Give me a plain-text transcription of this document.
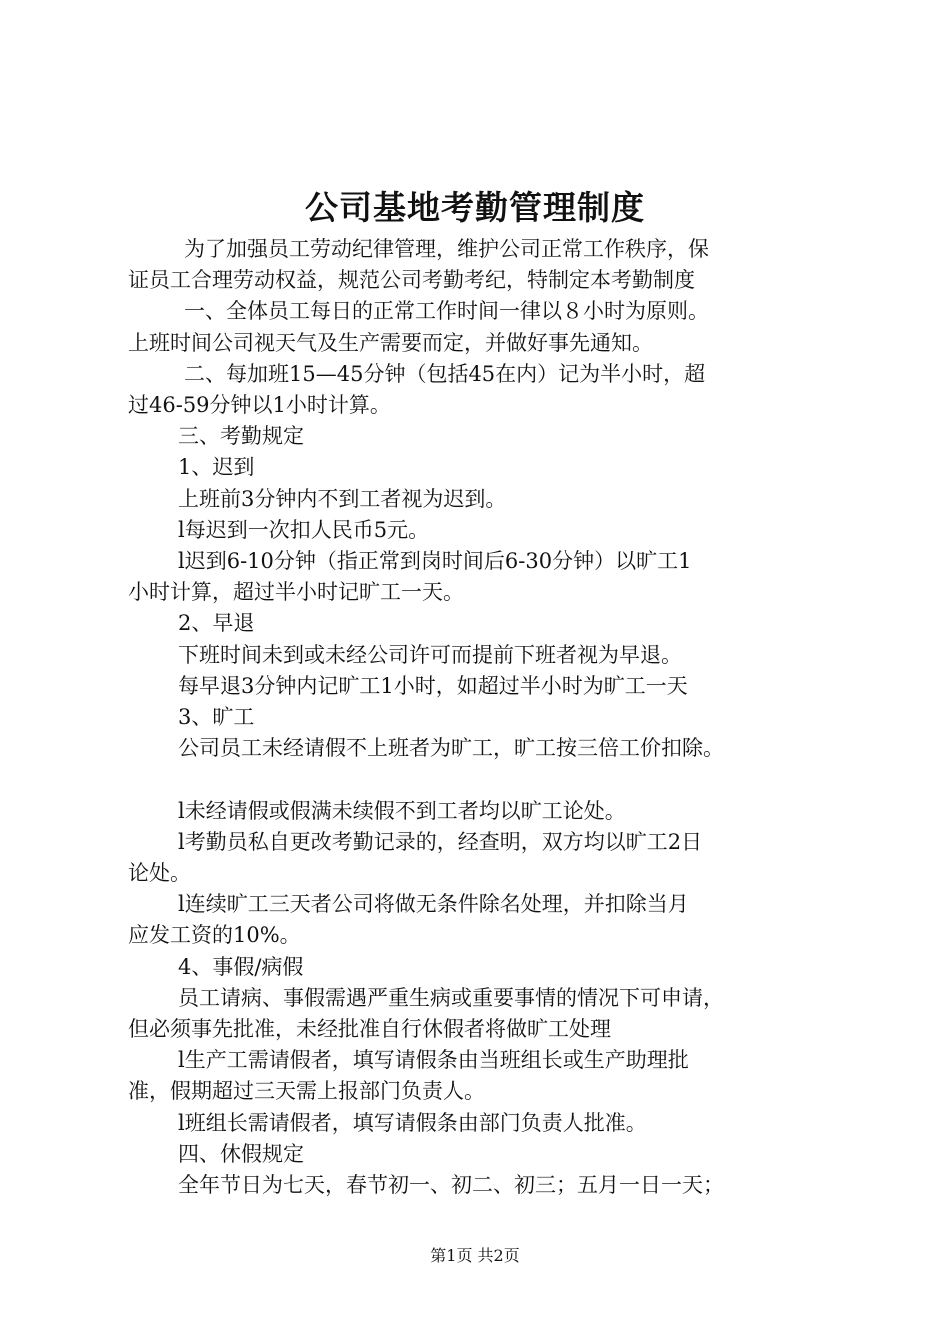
公司基地考勤管理制度

为了加强员工劳动纪律管理，维护公司正常工作秩序，保

证员工合理劳动权益，规范公司考勤考纪，特制定本考勤制度

一、全体员工每日的正常工作时间一律以８小时为原则。

上班时间公司视天气及生产需要而定，并做好事先通知。

二、每加班15—45分钟（包括45在内）记为半小时，超

过46-59分钟以1小时计算。

三、考勤规定

1、迟到

上班前3分钟内不到工者视为迟到。

l每迟到一次扣人民币5元。

l迟到6-10分钟（指正常到岗时间后6-30分钟）以旷工1

小时计算，超过半小时记旷工一天。

2、早退

下班时间未到或未经公司许可而提前下班者视为早退。

每早退3分钟内记旷工1小时，如超过半小时为旷工一天

3、旷工

公司员工未经请假不上班者为旷工，旷工按三倍工价扣除。

l未经请假或假满未续假不到工者均以旷工论处。

l考勤员私自更改考勤记录的，经查明，双方均以旷工2日

论处。

l连续旷工三天者公司将做无条件除名处理，并扣除当月

应发工资的10%。

4、事假/病假

员工请病、事假需遇严重生病或重要事情的情况下可申请，

但必须事先批准，未经批准自行休假者将做旷工处理

l生产工需请假者，填写请假条由当班组长或生产助理批

准，假期超过三天需上报部门负责人。

l班组长需请假者，填写请假条由部门负责人批准。

四、休假规定

全年节日为七天，春节初一、初二、初三；五月一日一天；

第1页 共2页
